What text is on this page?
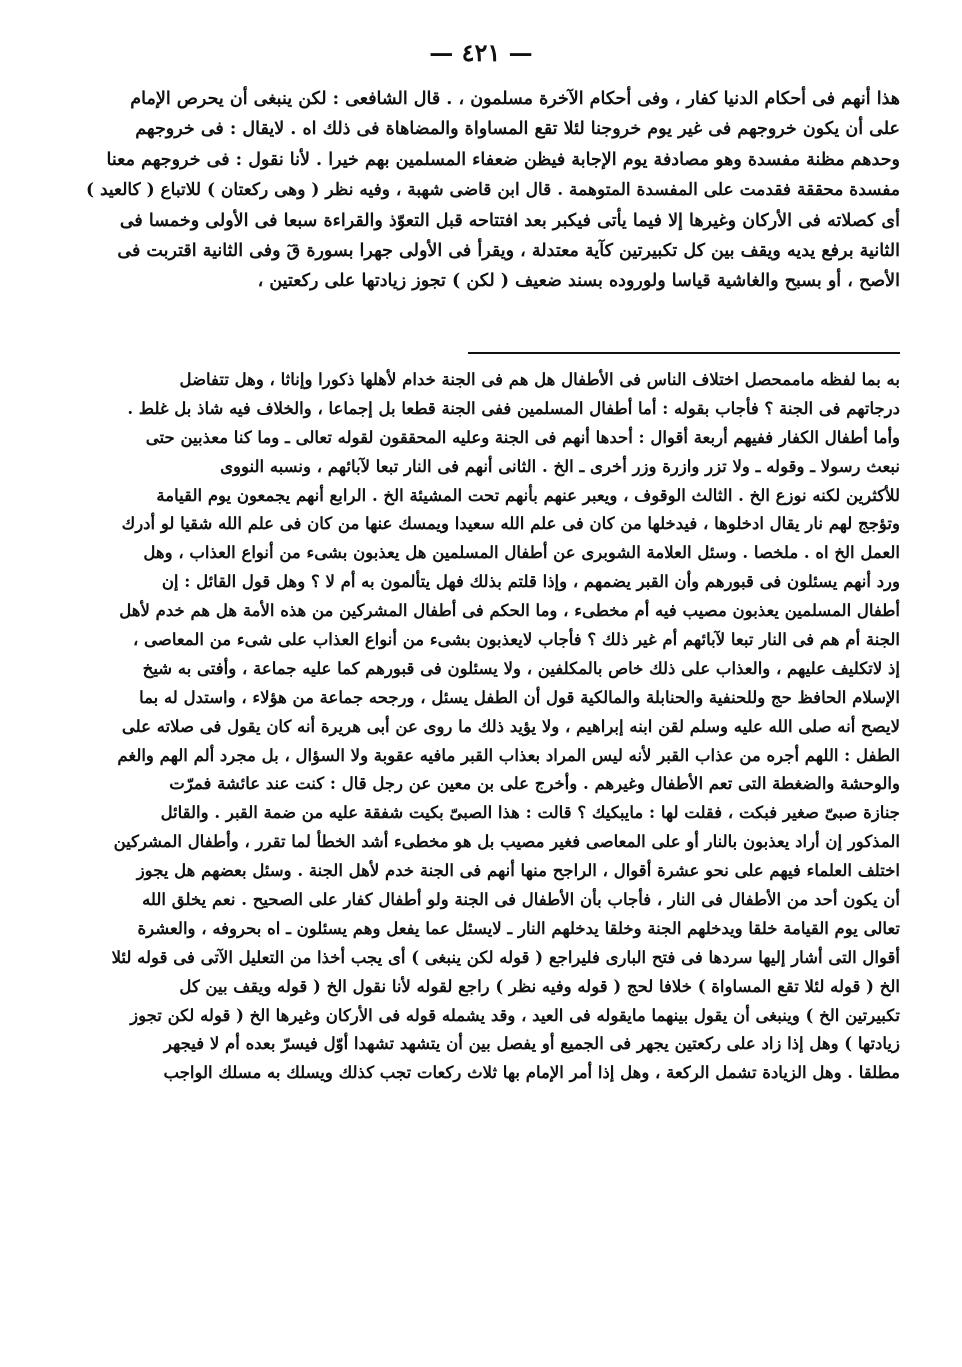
— ٤٢١ —
هذا أنهم فى أحكام الدنيا كفار ، وفى أحكام الآخرة مسلمون ، . قال الشافعى : لكن ينبغى أن يحرص الإمام
على أن يكون خروجهم فى غير يوم خروجنا لئلا تقع المساواة والمضاهاة فى ذلك اه . لايقال : فى خروجهم
وحدهم مظنة مفسدة وهو مصادفة يوم الإجابة فيظن ضعفاء المسلمين بهم خيرا . لأنا نقول : فى خروجهم معنا
مفسدة محققة فقدمت على المفسدة المتوهمة . قال ابن قاضى شهبة ، وفيه نظر ( وهى ركعتان ) للاتباع ( كالعيد )
أى كصلاته فى الأركان وغيرها إلا فيما يأتى فيكبر بعد افتتاحه قبل التعوّذ والقراءة سبعا فى الأولى وخمسا فى
الثانية برفع يديه ويقف بين كل تكبيرتين كآية معتدلة ، ويقرأ فى الأولى جهرا بسورة قٓ وفى الثانية اقتربت فى
الأصح ، أو بسبح والغاشية قياسا ولوروده بسند ضعيف ( لكن ) تجوز زيادتها على ركعتين ،
به بما لفظه ماممحصل اختلاف الناس فى الأطفال هل هم فى الجنة خدام لأهلها ذكورا وإناثا ، وهل تتفاضل
درجاتهم فى الجنة ؟ فأجاب بقوله : أما أطفال المسلمين ففى الجنة قطعا بل إجماعا ، والخلاف فيه شاذ بل غلط .
وأما أطفال الكفار ففيهم أربعة أقوال : أحدها أنهم فى الجنة وعليه المحققون لقوله تعالى ـ وما كنا معذبين حتى
نبعث رسولا ـ وقوله ـ ولا تزر وازرة وزر أخرى ـ الخ . الثانى أنهم فى النار تبعا لآبائهم ، ونسبه النووى
للأكثرين لكنه نوزع الخ . الثالث الوقوف ، ويعبر عنهم بأنهم تحت المشيئة الخ . الرابع أنهم يجمعون يوم القيامة
وتؤجج لهم نار يقال ادخلوها ، فيدخلها من كان فى علم الله سعيدا ويمسك عنها من كان فى علم الله شقيا لو أدرك
العمل الخ اه . ملخصا . وسئل العلامة الشوبرى عن أطفال المسلمين هل يعذبون بشىء من أنواع العذاب ، وهل
ورد أنهم يسئلون فى قبورهم وأن القبر يضمهم ، وإذا قلتم بذلك فهل يتألمون به أم لا ؟ وهل قول القائل : إن
أطفال المسلمين يعذبون مصيب فيه أم مخطىء ، وما الحكم فى أطفال المشركين من هذه الأمة هل هم خدم لأهل
الجنة أم هم فى النار تبعا لآبائهم أم غير ذلك ؟ فأجاب لايعذبون بشىء من أنواع العذاب على شىء من المعاصى ،
إذ لاتكليف عليهم ، والعذاب على ذلك خاص بالمكلفين ، ولا يسئلون فى قبورهم كما عليه جماعة ، وأفتى به شيخ
الإسلام الحافظ حج وللحنفية والحنابلة والمالكية قول أن الطفل يسئل ، ورجحه جماعة من هؤلاء ، واستدل له بما
لايصح أنه صلى الله عليه وسلم لقن ابنه إبراهيم ، ولا يؤيد ذلك ما روى عن أبى هريرة أنه كان يقول فى صلاته على
الطفل : اللهم أجره من عذاب القبر لأنه ليس المراد بعذاب القبر مافيه عقوبة ولا السؤال ، بل مجرد ألم الهم والغم
والوحشة والضغطة التى تعم الأطفال وغيرهم . وأخرج على بن معين عن رجل قال : كنت عند عائشة فمرّت
جنازة صبىّ صغير فبكت ، فقلت لها : مايبكيك ؟ قالت : هذا الصبىّ بكيت شفقة عليه من ضمة القبر . والقائل
المذكور إن أراد يعذبون بالنار أو على المعاصى فغير مصيب بل هو مخطىء أشد الخطأ لما تقرر ، وأطفال المشركين
اختلف العلماء فيهم على نحو عشرة أقوال ، الراجح منها أنهم فى الجنة خدم لأهل الجنة . وسئل بعضهم هل يجوز
أن يكون أحد من الأطفال فى النار ، فأجاب بأن الأطفال فى الجنة ولو أطفال كفار على الصحيح . نعم يخلق الله
تعالى يوم القيامة خلقا ويدخلهم الجنة وخلقا يدخلهم النار ـ لايسئل عما يفعل وهم يسئلون ـ اه بحروفه ، والعشرة
أقوال التى أشار إليها سردها فى فتح البارى فليراجع ( قوله لكن ينبغى ) أى يجب أخذا من التعليل الآتى فى قوله لئلا
الخ ( قوله لئلا تقع المساواة ) خلافا لحج ( قوله وفيه نظر ) راجع لقوله لأنا نقول الخ ( قوله ويقف بين كل
تكبيرتين الخ ) وينبغى أن يقول بينهما مايقوله فى العيد ، وقد يشمله قوله فى الأركان وغيرها الخ ( قوله لكن تجوز
زيادتها ) وهل إذا زاد على ركعتين يجهر فى الجميع أو يفصل بين أن يتشهد تشهدا أوّل فيسرّ بعده أم لا فيجهر
مطلقا . وهل الزيادة تشمل الركعة ، وهل إذا أمر الإمام بها ثلاث ركعات تجب كذلك ويسلك به مسلك الواجب
